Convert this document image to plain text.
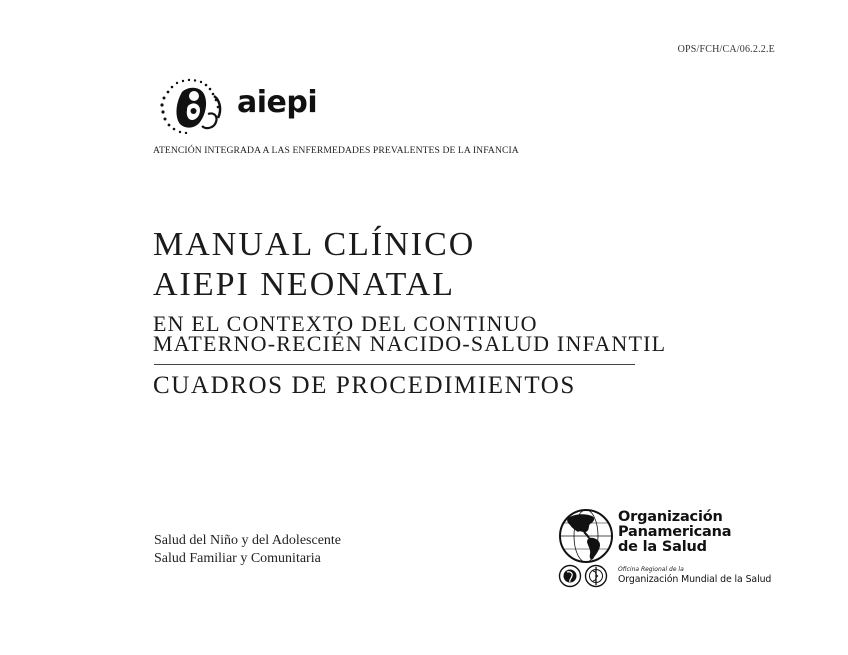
OPS/FCH/CA/06.2.2.E
aiepi
ATENCIÓN INTEGRADA A LAS ENFERMEDADES PREVALENTES DE LA INFANCIA
MANUAL CLÍNICO
AIEPI NEONATAL
EN EL CONTEXTO DEL CONTINUO
MATERNO-RECIÉN NACIDO-SALUD INFANTIL
CUADROS DE PROCEDIMIENTOS
Salud del Niño y del Adolescente
Salud Familiar y Comunitaria
Organización
Panamericana
de la Salud
Oficina Regional de la
Organización Mundial de la Salud
